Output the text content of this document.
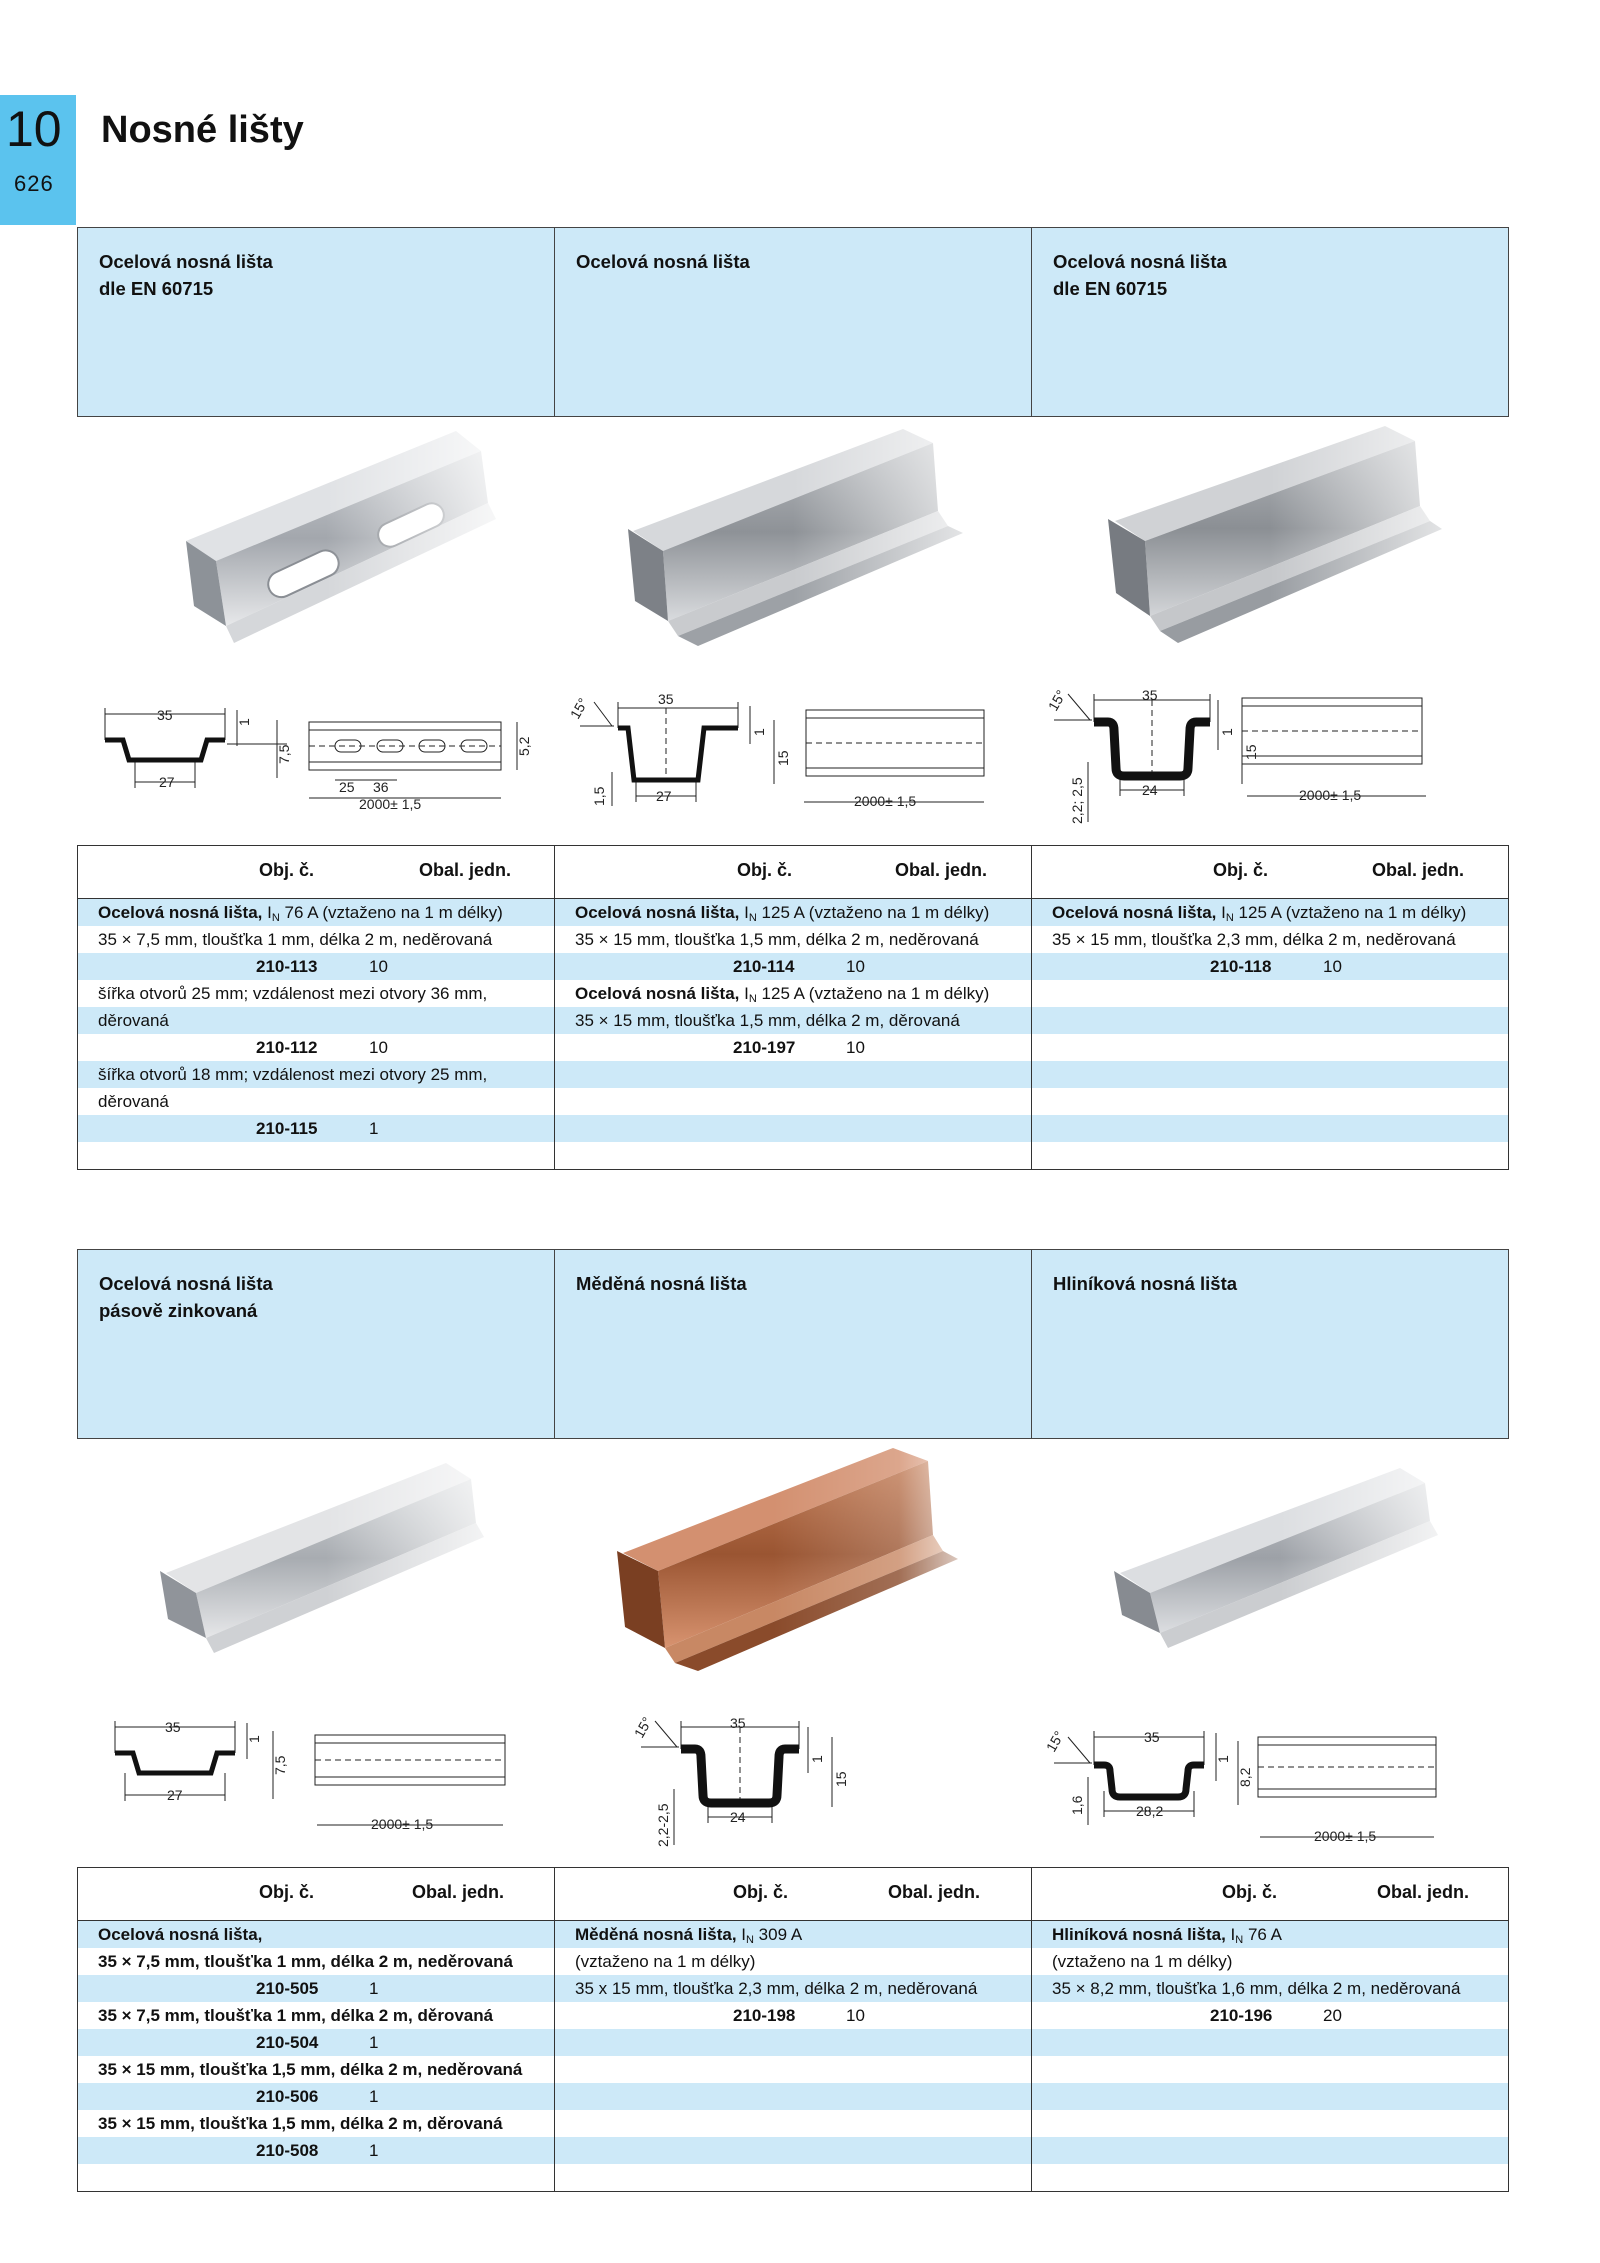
10
626
Nosné lišty
Ocelová nosná lišta
dle EN 60715
Ocelová nosná lišta	Ocelová nosná lišta
dle EN 60715
35
27
1
7,5
25 36
2000± 1,5
5,2
15°	35
27
1
15
1,5	2000± 1,5
15°	35
24
1
15
2,2; 2,5	2000± 1,5
Obj. č.	Obal. jedn.
Ocelová nosná lišta, $I_N$ 76 A (vztaženo na 1 m délky)
35 × 7,5 mm, tloušťka 1 mm, délka 2 m, neděrovaná
210-113	10
šířka otvorů 25 mm; vzdálenost mezi otvory 36 mm,
děrovaná
210-112	10
šířka otvorů 18 mm; vzdálenost mezi otvory 25 mm,
děrovaná
210-115	1
Obj. č.	Obal. jedn.
Ocelová nosná lišta, $I_N$ 125 A (vztaženo na 1 m délky)
35 × 15 mm, tloušťka 1,5 mm, délka 2 m, neděrovaná
210-114	10
Ocelová nosná lišta, $I_N$ 125 A (vztaženo na 1 m délky)
35 × 15 mm, tloušťka 1,5 mm, délka 2 m, děrovaná
210-197	10
Obj. č.	Obal. jedn.
Ocelová nosná lišta, $I_N$ 125 A (vztaženo na 1 m délky)
35 × 15 mm, tloušťka 2,3 mm, délka 2 m, neděrovaná
210-118	10
Ocelová nosná lišta
pásově zinkovaná
Měděná nosná lišta	Hliníková nosná lišta
35
27
1
7,5
2000± 1,5
15°	35
24
1
15
2,2-2,5
15°	35
28,2
1
8,2
1,6
2000± 1,5
Obj. č.	Obal. jedn.
Ocelová nosná lišta,
35 × 7,5 mm, tloušťka 1 mm, délka 2 m, neděrovaná
210-505	1
35 × 7,5 mm, tloušťka 1 mm, délka 2 m, děrovaná
210-504	1
35 × 15 mm, tloušťka 1,5 mm, délka 2 m, neděrovaná
210-506	1
35 × 15 mm, tloušťka 1,5 mm, délka 2 m, děrovaná
210-508	1
Obj. č.	Obal. jedn.
Měděná nosná lišta, $I_N$ 309 A
(vztaženo na 1 m délky)
35 x 15 mm, tloušťka 2,3 mm, délka 2 m, neděrovaná
210-198	10
Obj. č.	Obal. jedn.
Hliníková nosná lišta, $I_N$ 76 A
(vztaženo na 1 m délky)
35 × 8,2 mm, tloušťka 1,6 mm, délka 2 m, neděrovaná
210-196	20
